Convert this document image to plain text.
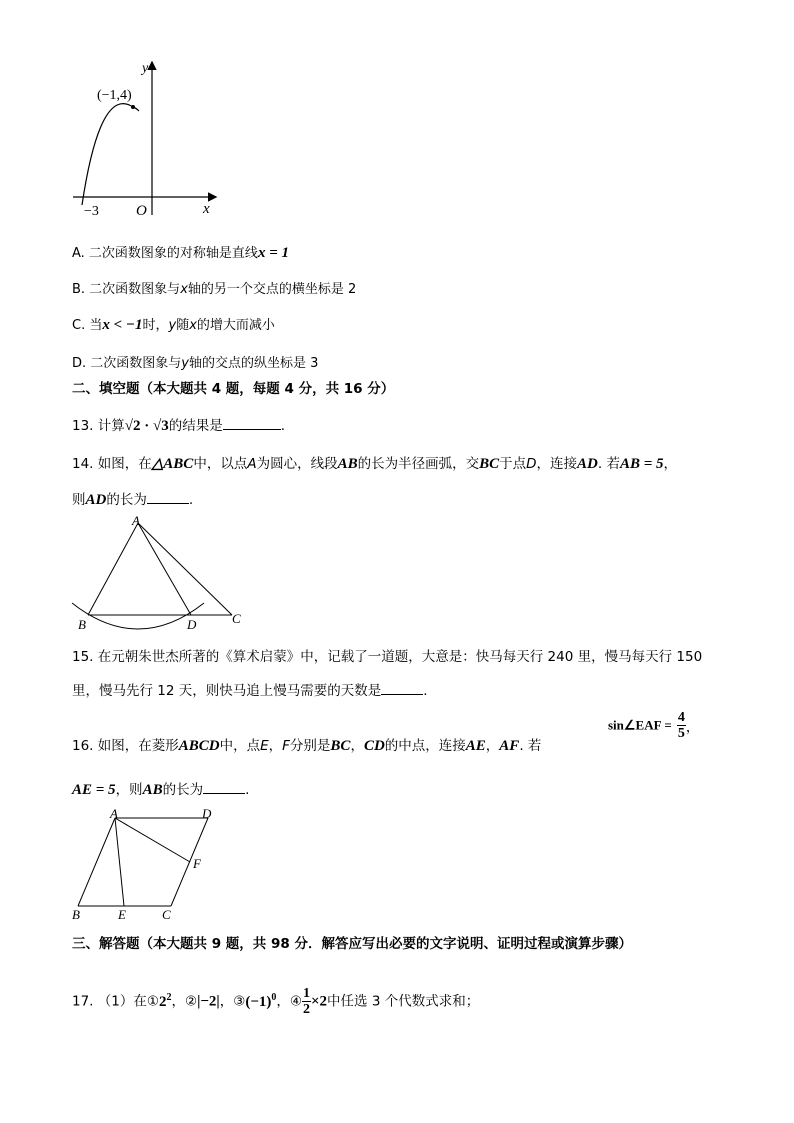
y
x
(−1,4)
−3 O
A. 二次函数图象的对称轴是直线x = 1
B. 二次函数图象与x轴的另一个交点的横坐标是 2
C. 当x < −1时，y随x的增大而减小
D. 二次函数图象与y轴的交点的纵坐标是 3
二、填空题（本大题共 4 题，每题 4 分，共 16 分）
13. 计算√2 · √3的结果是	.
14. 如图，在△ABC中，以点A为圆心，线段AB的长为半径画弧，交BC于点D，连接AD. 若AB = 5，
则AD的长为	.
A
B	D	C
15. 在元朝朱世杰所著的《算术启蒙》中，记载了一道题，大意是：快马每天行 240 里，慢马每天行 150
里，慢马先行 12 天，则快马追上慢马需要的天数是	.
16. 如图，在菱形ABCD中，点E，F分别是BC，CD的中点，连接AE，AF. 若
sin∠EAF = $\frac{4}{5}$ ，
AE = 5，则AB的长为	.
A	D
F
B	E	C
三、解答题（本大题共 9 题，共 98 分．解答应写出必要的文字说明、证明过程或演算步骤）
17. （1）在$①2^2$，②|−2|，$③(-1)^0$，④ $\frac{1}{2} \times 2$中任选 3 个代数式求和；
